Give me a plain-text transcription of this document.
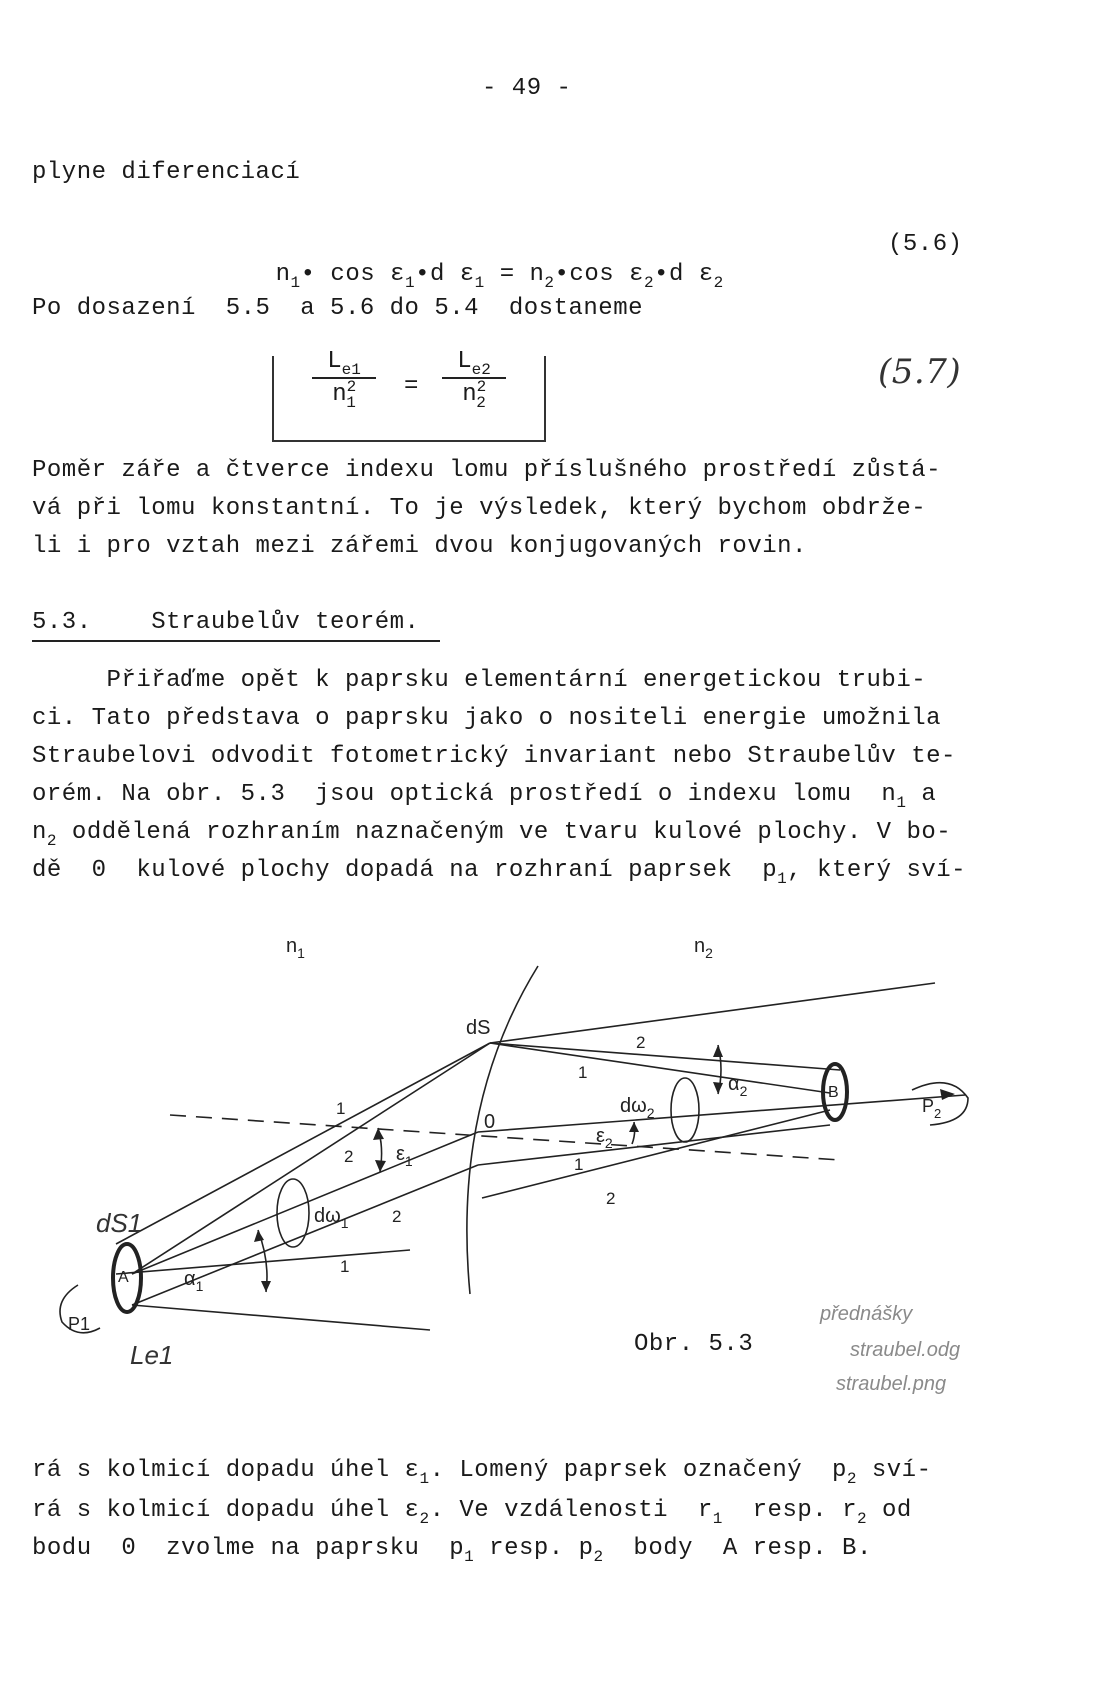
- 49 -
plyne diferenciací

$n_1•$ $\cos \varepsilon_1•d$ $\varepsilon_1$ = $n_2•\cos$ $\varepsilon_2•d$ $\varepsilon_2$

(5.6)
Po dosazení  5.5  a 5.6 do 5.4  dostaneme
$L_{e1}$
$n^2_1$
=
$L_{e2}$
$n^2_2$
(5.7)
Poměr záře a čtverce indexu lomu příslušného prostředí zůstá-
vá při lomu konstantní. To je výsledek, který bychom obdrže-
li i pro vztah mezi zářemi dvou konjugovaných rovin.
5.3. Straubelův teorém.
Přiřaďme opět k paprsku elementární energetickou trubi-
ci. Tato představa o paprsku jako o nositeli energie umožnila
Straubelovi odvodit fotometrický invariant nebo Straubelův te-
orém. Na obr. 5.3  jsou optická prostředí o indexu lomu  $n_1$ a
$n_2$ oddělená rozhraním naznačeným ve tvaru kulové plochy. V bo-
dě  0  kulové plochy dopadá na rozhraní paprsek  $p_1$, který sví-
$n_1$	$n_2$
dS
0
A
B
P1
$P_2$
$\varepsilon_1$
$\varepsilon_2$
$\alpha_1$
$\alpha_2$
$d\omega_1$
$d\omega_2$
1
2
2
1
2
1
1
2
dS1
Le1
přednášky
straubel.odg
straubel.png
Obr. 5.3
rá s kolmicí dopadu úhel $\varepsilon_1$. Lomený paprsek označený  $p_2$ sví-
rá s kolmicí dopadu úhel $\varepsilon_2$. Ve vzdálenosti  $r_1$  resp. $r_2$ od
bodu  0  zvolme na paprsku  $p_1$ resp. $p_2$  body  A resp. B.
